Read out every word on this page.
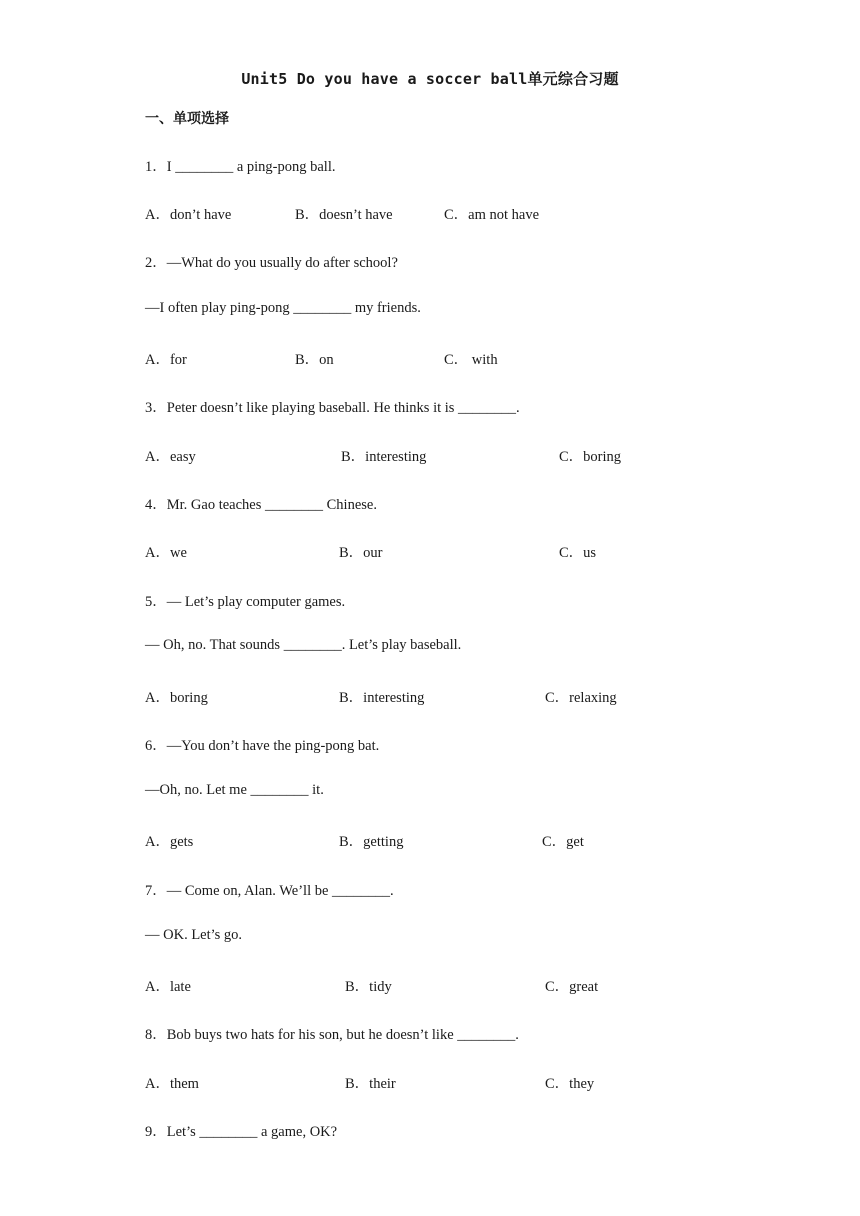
Unit5 Do you have a soccer ball单元综合习题
一、单项选择
1．I ________ a ping-pong ball.
A．don’t have	B．doesn’t have	C．am not have
2．—What do you usually do after school?
—I often play ping-pong ________ my friends.
A．for	B．on	C． with
3．Peter doesn’t like playing baseball. He thinks it is ________.
A．easy	B．interesting	C．boring
4．Mr. Gao teaches ________ Chinese.
A．we	B．our	C．us
5．— Let’s play computer games.
— Oh, no. That sounds ________. Let’s play baseball.
A．boring	B．interesting	C．relaxing
6．—You don’t have the ping-pong bat.
—Oh, no. Let me ________ it.
A．gets	B．getting	C．get
7．— Come on, Alan. We’ll be ________.
— OK. Let’s go.
A．late	B．tidy	C．great
8．Bob buys two hats for his son, but he doesn’t like ________.
A．them	B．their	C．they
9．Let’s ________ a game, OK?
